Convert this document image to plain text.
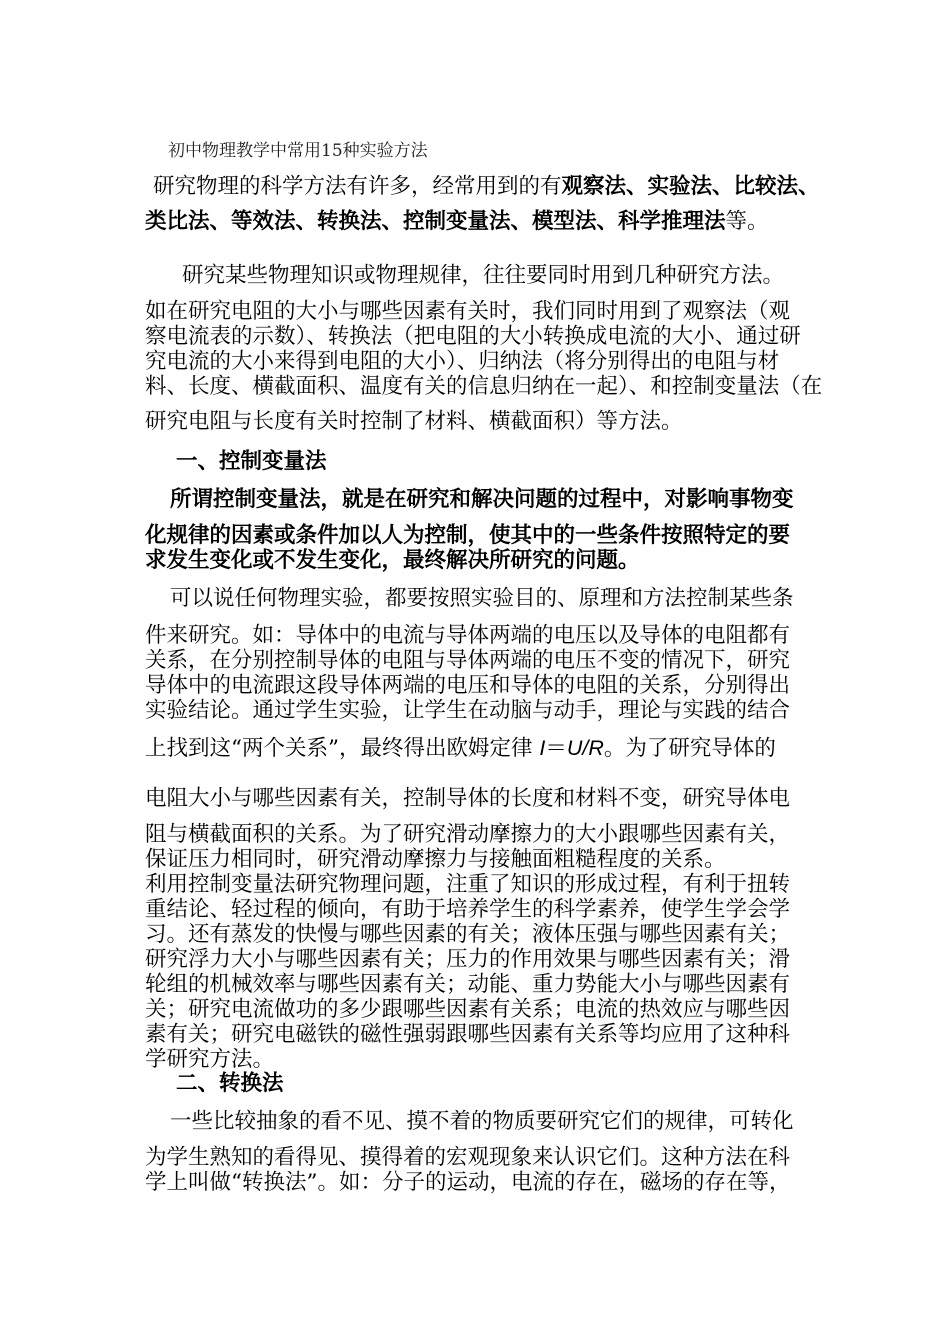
初中物理教学中常用15种实验方法

研究物理的科学方法有许多，经常用到的有观察法、实验法、比较法、

类比法、等效法、转换法、控制变量法、模型法、科学推理法等。

研究某些物理知识或物理规律，往往要同时用到几种研究方法。

如在研究电阻的大小与哪些因素有关时，我们同时用到了观察法（观

察电流表的示数）、转换法（把电阻的大小转换成电流的大小、通过研

究电流的大小来得到电阻的大小）、归纳法（将分别得出的电阻与材

料、长度、横截面积、温度有关的信息归纳在一起）、和控制变量法（在

研究电阻与长度有关时控制了材料、横截面积）等方法。

一、控制变量法

所谓控制变量法，就是在研究和解决问题的过程中，对影响事物变

化规律的因素或条件加以人为控制，使其中的一些条件按照特定的要

求发生变化或不发生变化，最终解决所研究的问题。

可以说任何物理实验，都要按照实验目的、原理和方法控制某些条

件来研究。如：导体中的电流与导体两端的电压以及导体的电阻都有

关系，在分别控制导体的电阻与导体两端的电压不变的情况下，研究

导体中的电流跟这段导体两端的电压和导体的电阻的关系，分别得出

实验结论。通过学生实验，让学生在动脑与动手，理论与实践的结合

上找到这“两个关系”，最终得出欧姆定律 I＝U/R。为了研究导体的

电阻大小与哪些因素有关，控制导体的长度和材料不变，研究导体电

阻与横截面积的关系。为了研究滑动摩擦力的大小跟哪些因素有关，

保证压力相同时，研究滑动摩擦力与接触面粗糙程度的关系。

利用控制变量法研究物理问题，注重了知识的形成过程，有利于扭转

重结论、轻过程的倾向，有助于培养学生的科学素养，使学生学会学

习。还有蒸发的快慢与哪些因素的有关；液体压强与哪些因素有关；

研究浮力大小与哪些因素有关；压力的作用效果与哪些因素有关；滑

轮组的机械效率与哪些因素有关；动能、重力势能大小与哪些因素有

关；研究电流做功的多少跟哪些因素有关系；电流的热效应与哪些因

素有关；研究电磁铁的磁性强弱跟哪些因素有关系等均应用了这种科

学研究方法。

二、转换法

一些比较抽象的看不见、摸不着的物质要研究它们的规律，可转化

为学生熟知的看得见、摸得着的宏观现象来认识它们。这种方法在科

学上叫做“转换法”。如：分子的运动，电流的存在，磁场的存在等，
